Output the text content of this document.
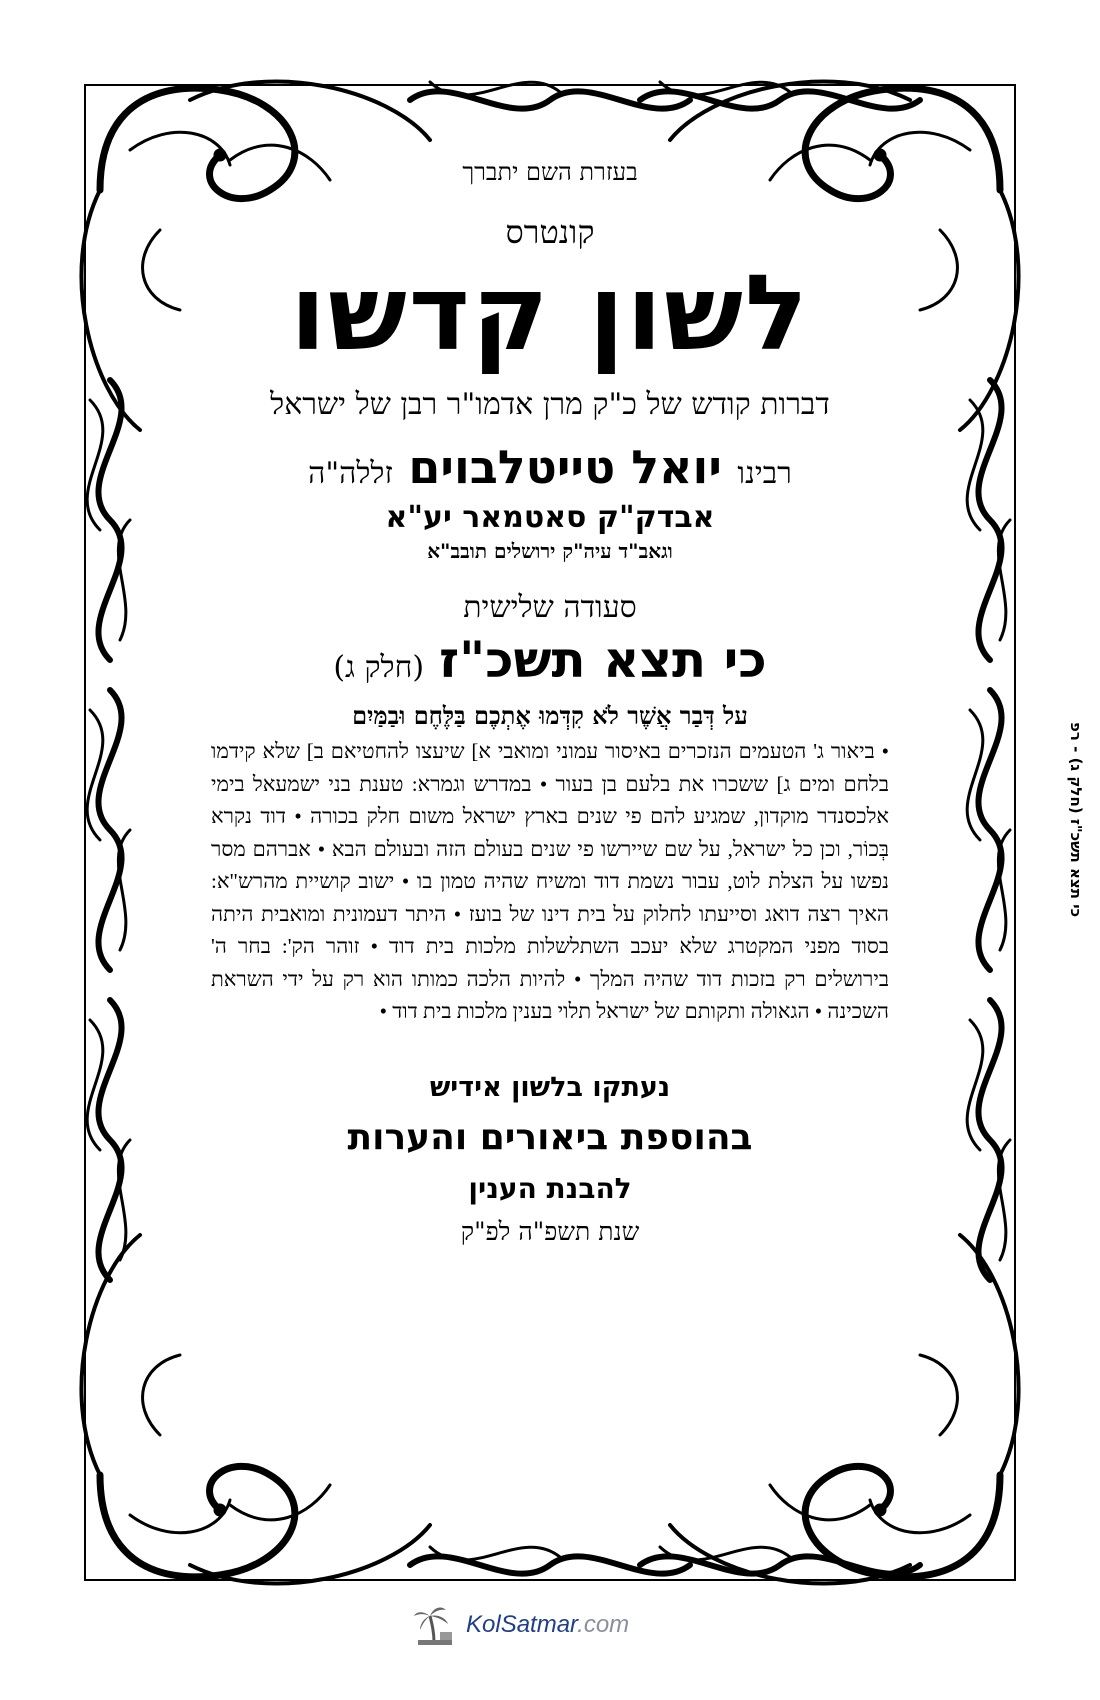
בעזרת השם יתברך
קונטרס
לשון קדשו
דברות קודש של כ"ק מרן אדמו"ר רבן של ישראל
רבינו יואל טייטלבוים זללה"ה
אבדק"ק סאטמאר יע"א
וגאב"ד עיה"ק ירושלים תובב"א
סעודה שלישית
כי תצא תשכ"ז (חלק ג)
על דְּבַר אֲשֶׁר לֹא קִדְּמוּ אֶתְכֶם בַּלֶּחֶם וּבַמַּיִם

• ביאור ג' הטעמים הנזכרים באיסור עמוני ומואבי א] שיעצו להחטיאם ב] שלא קידמו בלחם ומים ג] ששכרו את בלעם בן בעור • במדרש וגמרא: טענת בני ישמעאל בימי אלכסנדר מוקדון, שמגיע להם פי שנים בארץ ישראל משום חלק בכורה • דוד נקרא בְּכוֹר, וכן כל ישראל, על שם שיירשו פי שנים בעולם הזה ובעולם הבא • אברהם מסר נפשו על הצלת לוט, עבור נשמת דוד ומשיח שהיה טמון בו • ישוב קושיית מהרש"א: האיך רצה דואג וסייעתו לחלוק על בית דינו של בועז • היתר דעמונית ומואבית היתה בסוד מפני המקטרג שלא יעכב השתלשלות מלכות בית דוד • זוהר הק': בחר ה' בירושלים רק בזכות דוד שהיה המלך • להיות הלכה כמותו הוא רק על ידי השראת השכינה • הגאולה ותקותם של ישראל תלוי בענין מלכות בית דוד •

נעתקו בלשון אידיש
בהוספת ביאורים והערות
להבנת הענין
שנת תשפ"ה לפ"ק
כי תצא תשכ"ז (חלק ג) - רפ
KolSatmar.com
